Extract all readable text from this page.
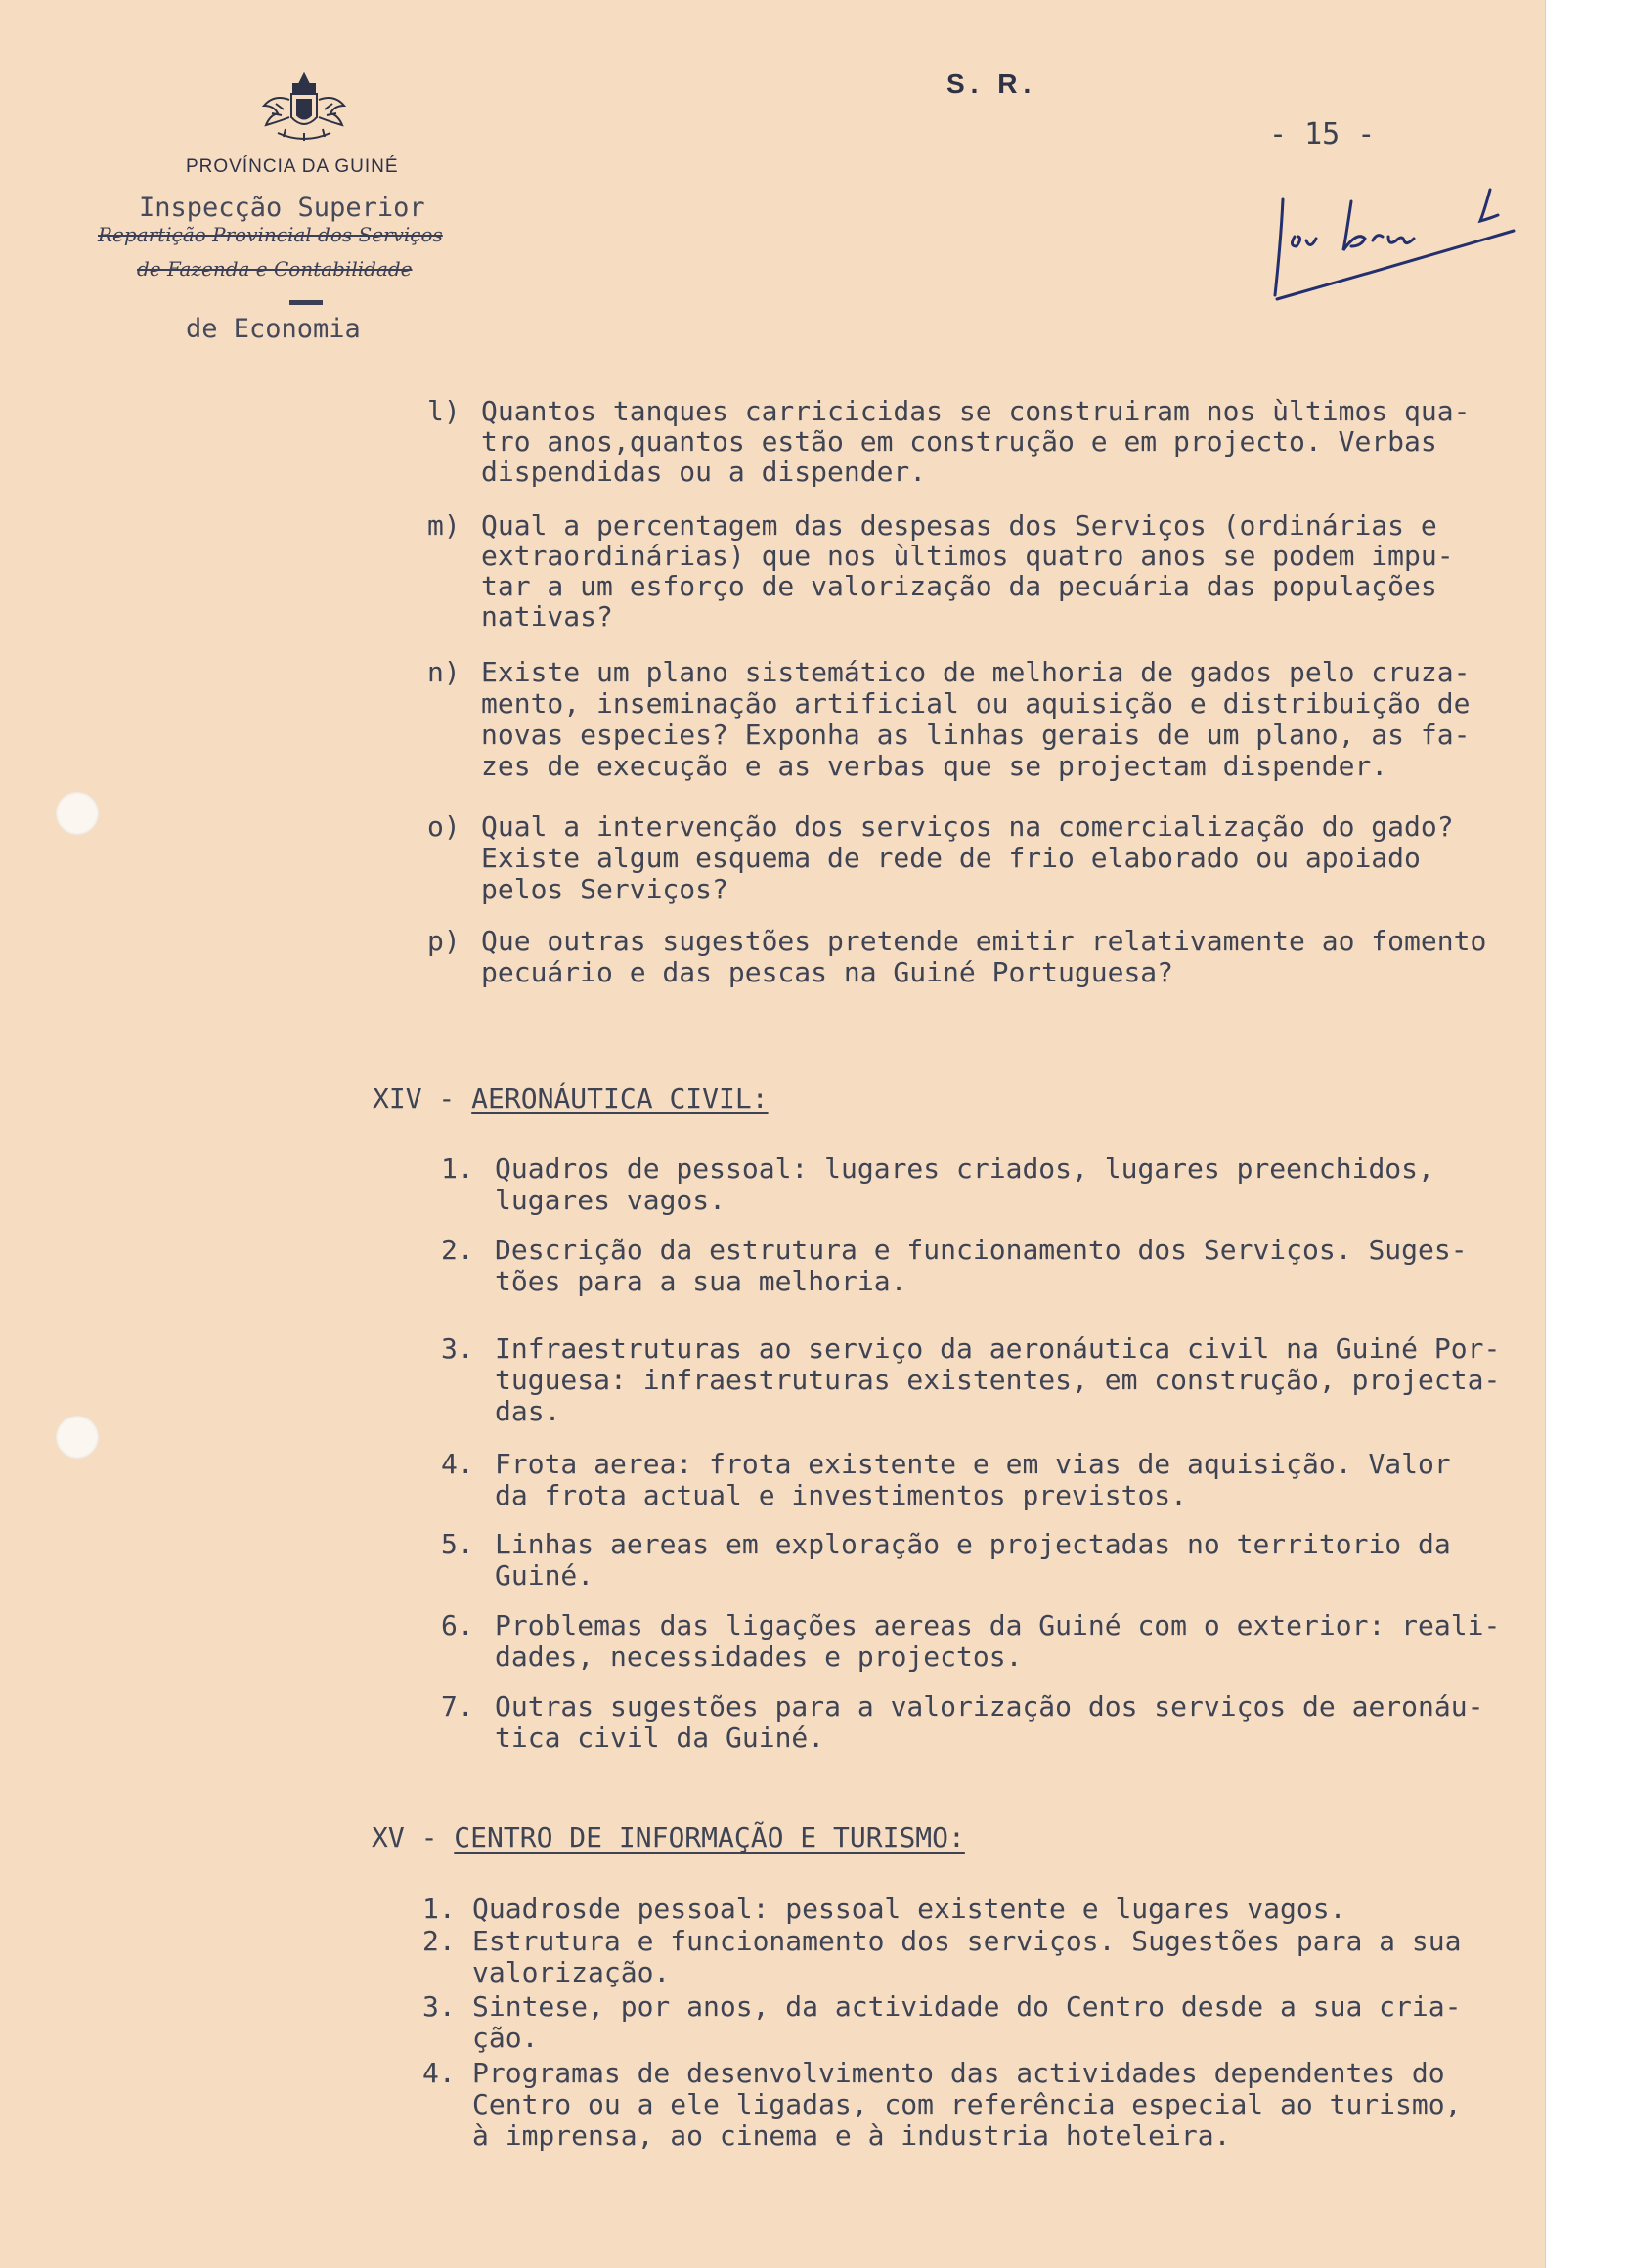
PROVÍNCIA DA GUINÉ
S. R.
- 15 -
Inspecção Superior
Repartição Provincial dos Serviços
de Fazenda e Contabilidade
de Economia
l) Quantos tanques carricicidas se construiram nos ùltimos qua-
tro anos,quantos estão em construção e em projecto. Verbas
dispendidas ou a dispender.
m) Qual a percentagem das despesas dos Serviços (ordinárias e
extraordinárias) que nos ùltimos quatro anos se podem impu-
tar a um esforço de valorização da pecuária das populações
nativas?
n) Existe um plano sistemático de melhoria de gados pelo cruza-
mento, inseminação artificial ou aquisição e distribuição de
novas especies? Exponha as linhas gerais de um plano, as fa-
zes de execução e as verbas que se projectam dispender.
o) Qual a intervenção dos serviços na comercialização do gado?
Existe algum esquema de rede de frio elaborado ou apoiado
pelos Serviços?
p) Que outras sugestões pretende emitir relativamente ao fomento
pecuário e das pescas na Guiné Portuguesa?
XIV - AERONÁUTICA CIVIL:
1. Quadros de pessoal: lugares criados, lugares preenchidos,
lugares vagos.
2. Descrição da estrutura e funcionamento dos Serviços. Suges-
tões para a sua melhoria.
3. Infraestruturas ao serviço da aeronáutica civil na Guiné Por-
tuguesa: infraestruturas existentes, em construção, projecta-
das.
4. Frota aerea: frota existente e em vias de aquisição. Valor
da frota actual e investimentos previstos.
5. Linhas aereas em exploração e projectadas no territorio da
Guiné.
6. Problemas das ligações aereas da Guiné com o exterior: reali-
dades, necessidades e projectos.
7. Outras sugestões para a valorização dos serviços de aeronáu-
tica civil da Guiné.
XV - CENTRO DE INFORMAÇÃO E TURISMO:
1. Quadrosde pessoal: pessoal existente e lugares vagos.
2. Estrutura e funcionamento dos serviços. Sugestões para a sua
valorização.
3. Sintese, por anos, da actividade do Centro desde a sua cria-
ção.
4. Programas de desenvolvimento das actividades dependentes do
Centro ou a ele ligadas, com referência especial ao turismo,
à imprensa, ao cinema e à industria hoteleira.
